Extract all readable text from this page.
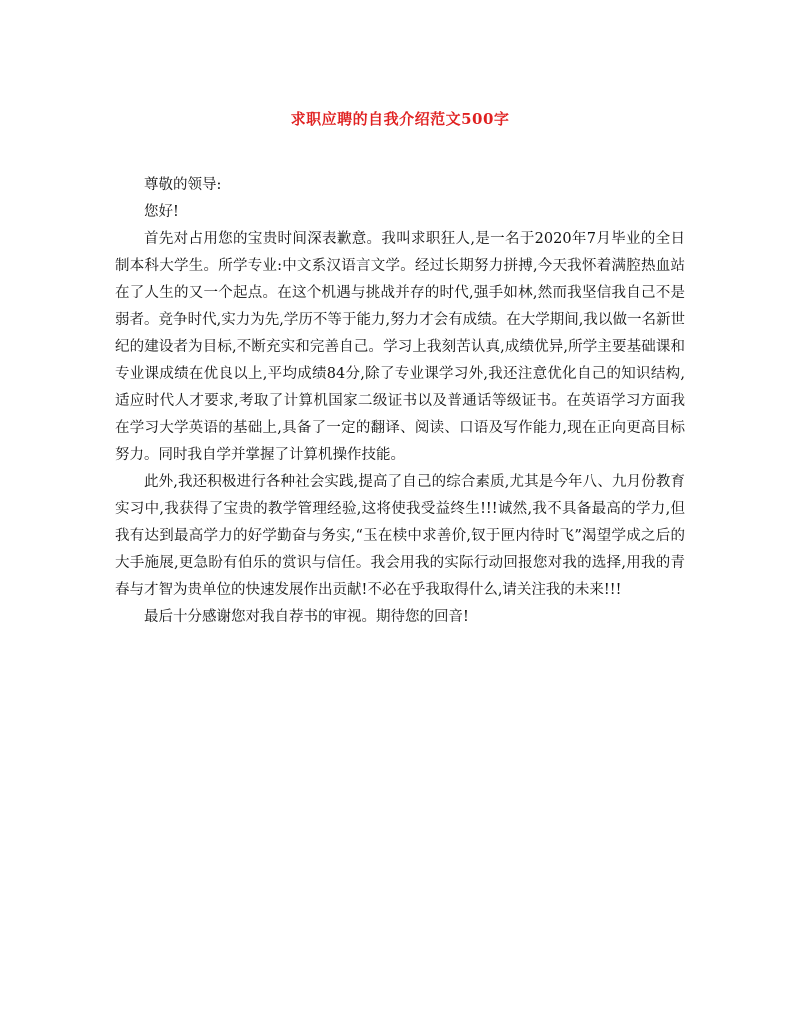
求职应聘的自我介绍范文500字

尊敬的领导:

您好!

首先对占用您的宝贵时间深表歉意。我叫求职狂人,是一名于2020年7月毕业的全日制本科大学生。所学专业:中文系汉语言文学。经过长期努力拼搏,今天我怀着满腔热血站在了人生的又一个起点。在这个机遇与挑战并存的时代,强手如林,然而我坚信我自己不是弱者。竞争时代,实力为先,学历不等于能力,努力才会有成绩。在大学期间,我以做一名新世纪的建设者为目标,不断充实和完善自己。学习上我刻苦认真,成绩优异,所学主要基础课和专业课成绩在优良以上,平均成绩84分,除了专业课学习外,我还注意优化自己的知识结构,适应时代人才要求,考取了计算机国家二级证书以及普通话等级证书。在英语学习方面我在学习大学英语的基础上,具备了一定的翻译、阅读、口语及写作能力,现在正向更高目标努力。同时我自学并掌握了计算机操作技能。

此外,我还积极进行各种社会实践,提高了自己的综合素质,尤其是今年八、九月份教育实习中,我获得了宝贵的教学管理经验,这将使我受益终生!!!诚然,我不具备最高的学力,但我有达到最高学力的好学勤奋与务实,“玉在椟中求善价,钗于匣内待时飞”渴望学成之后的大手施展,更急盼有伯乐的赏识与信任。我会用我的实际行动回报您对我的选择,用我的青春与才智为贵单位的快速发展作出贡献!不必在乎我取得什么,请关注我的未来!!!

最后十分感谢您对我自荐书的审视。期待您的回音!
